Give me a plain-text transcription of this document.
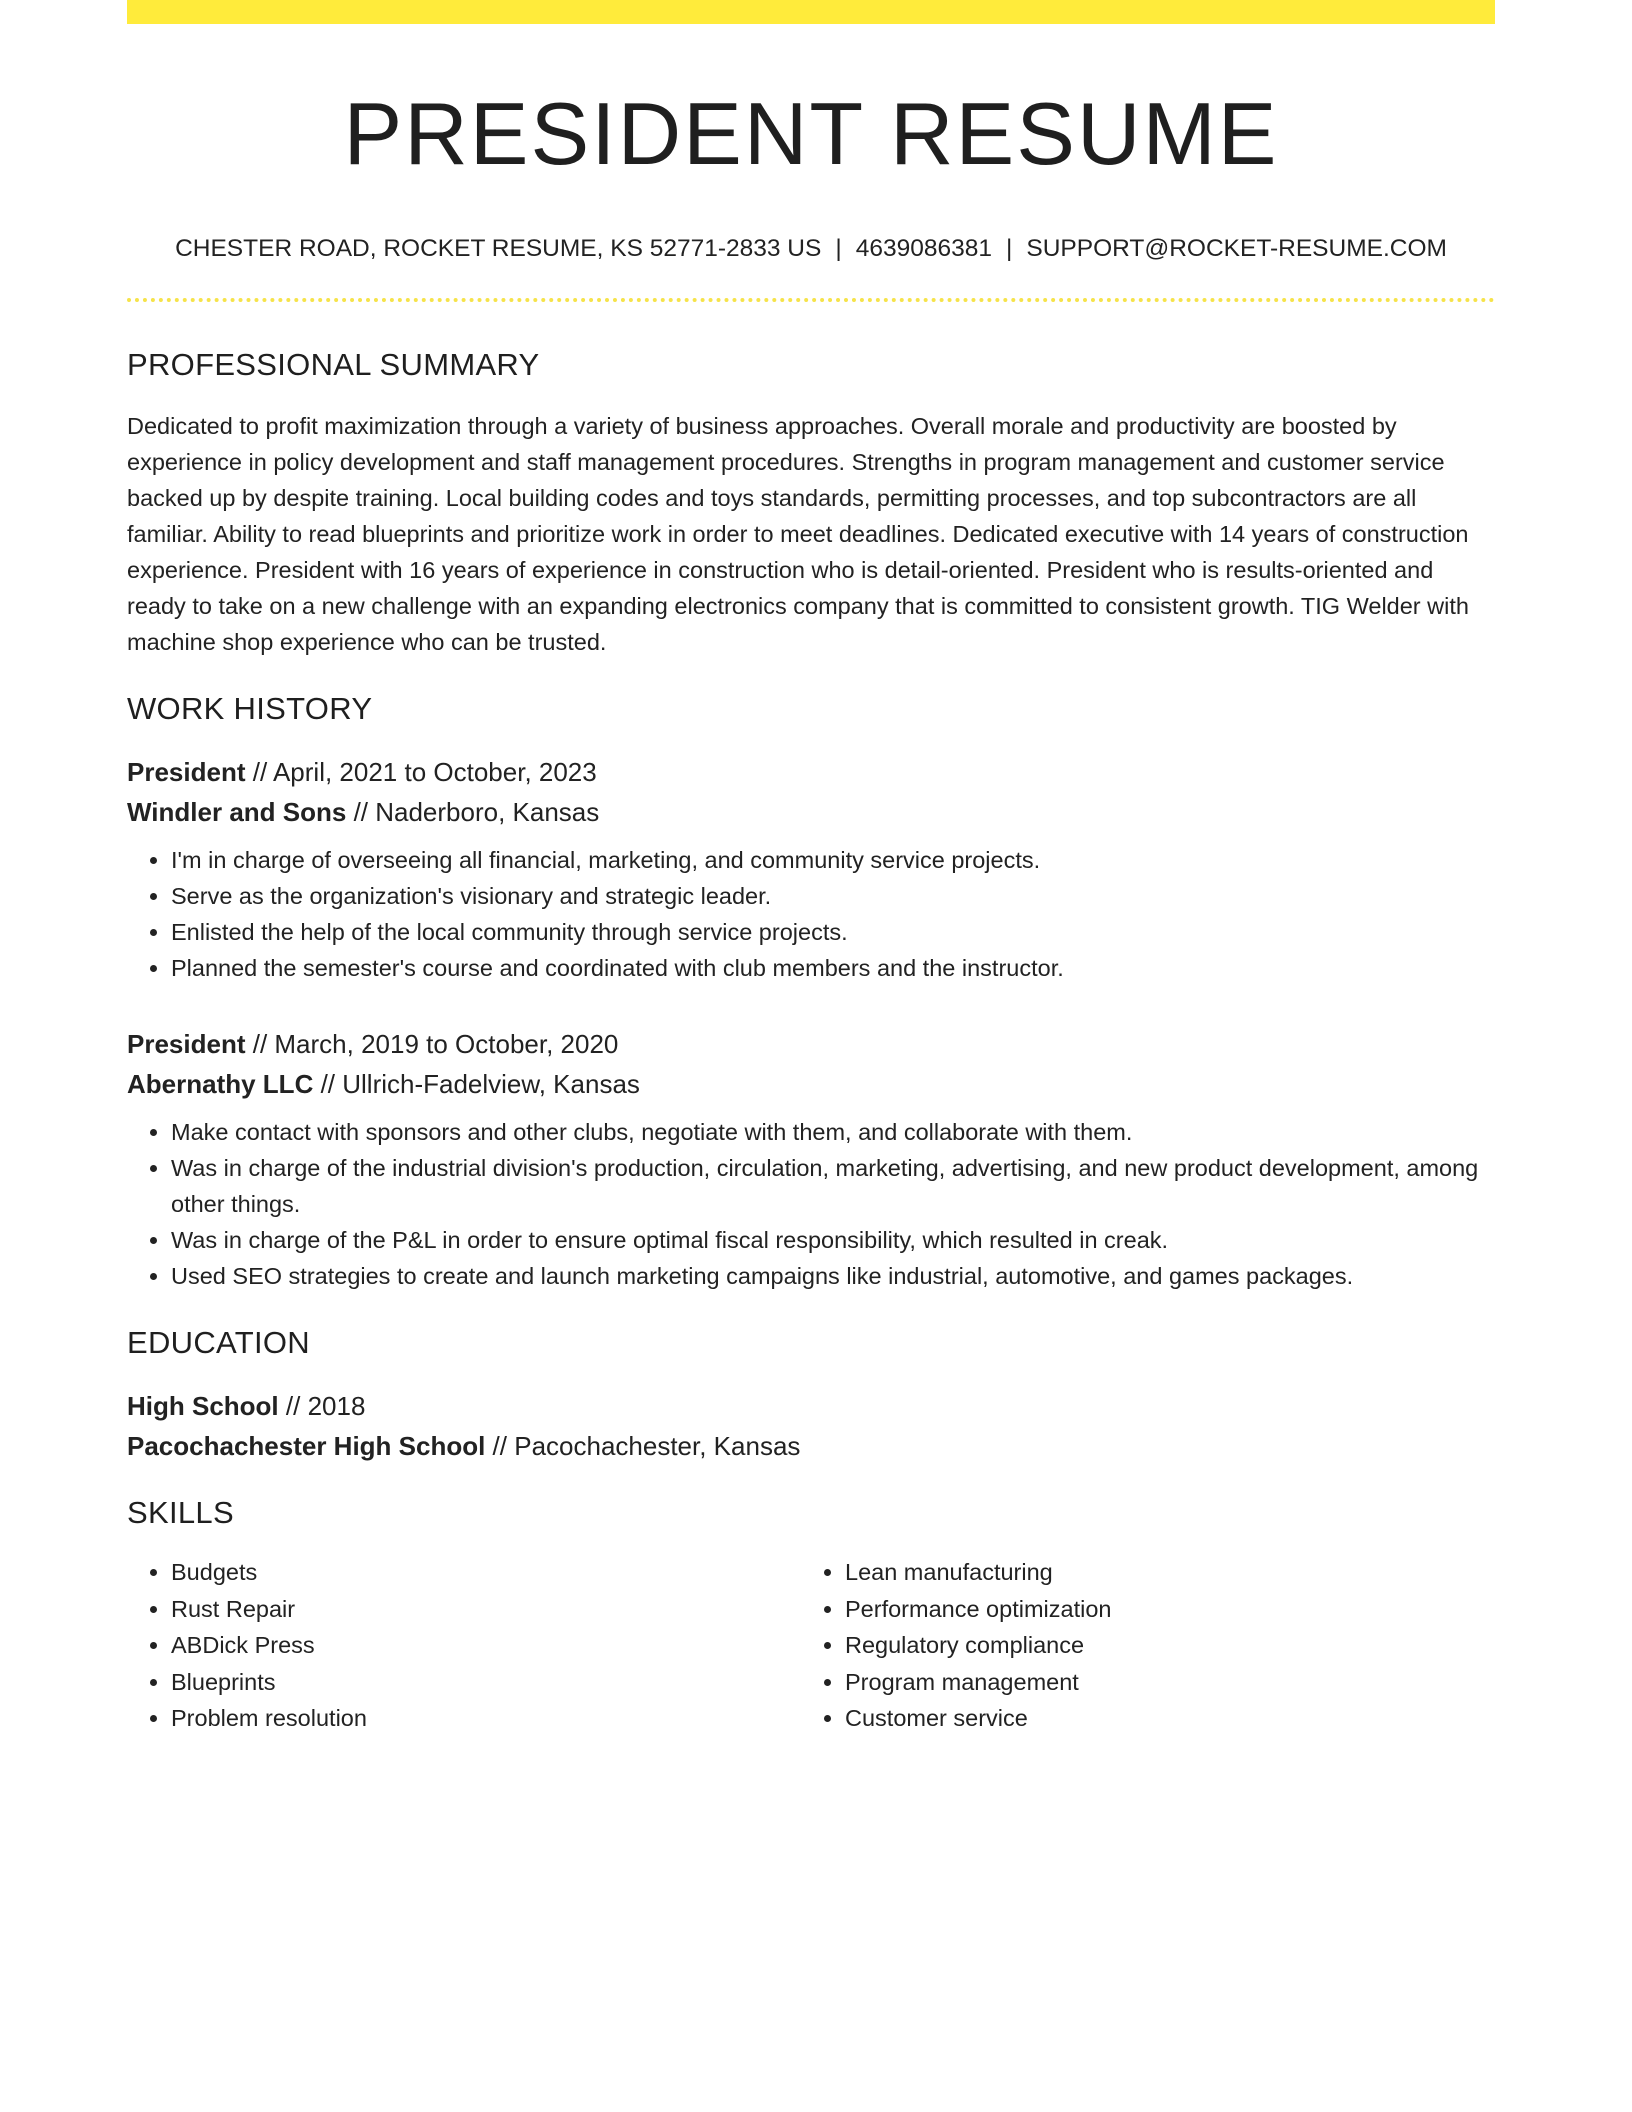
PRESIDENT RESUME
CHESTER ROAD, ROCKET RESUME, KS 52771-2833 US | 4639086381 | SUPPORT@ROCKET-RESUME.COM
PROFESSIONAL SUMMARY

Dedicated to profit maximization through a variety of business approaches. Overall morale and productivity are boosted by experience in policy development and staff management procedures. Strengths in program management and customer service backed up by despite training. Local building codes and toys standards, permitting processes, and top subcontractors are all familiar. Ability to read blueprints and prioritize work in order to meet deadlines. Dedicated executive with 14 years of construction experience. President with 16 years of experience in construction who is detail-oriented. President who is results-oriented and ready to take on a new challenge with an expanding electronics company that is committed to consistent growth. TIG Welder with machine shop experience who can be trusted.

WORK HISTORY
President // April, 2021 to October, 2023
Windler and Sons // Naderboro, Kansas
• I'm in charge of overseeing all financial, marketing, and community service projects.
• Serve as the organization's visionary and strategic leader.
• Enlisted the help of the local community through service projects.
• Planned the semester's course and coordinated with club members and the instructor.
President // March, 2019 to October, 2020
Abernathy LLC // Ullrich-Fadelview, Kansas
• Make contact with sponsors and other clubs, negotiate with them, and collaborate with them.
• Was in charge of the industrial division's production, circulation, marketing, advertising, and new product development, among other things.
• Was in charge of the P&L in order to ensure optimal fiscal responsibility, which resulted in creak.
• Used SEO strategies to create and launch marketing campaigns like industrial, automotive, and games packages.
EDUCATION
High School // 2018
Pacochachester High School // Pacochachester, Kansas
SKILLS
• Budgets
• Rust Repair
• ABDick Press
• Blueprints
• Problem resolution
• Lean manufacturing
• Performance optimization
• Regulatory compliance
• Program management
• Customer service
